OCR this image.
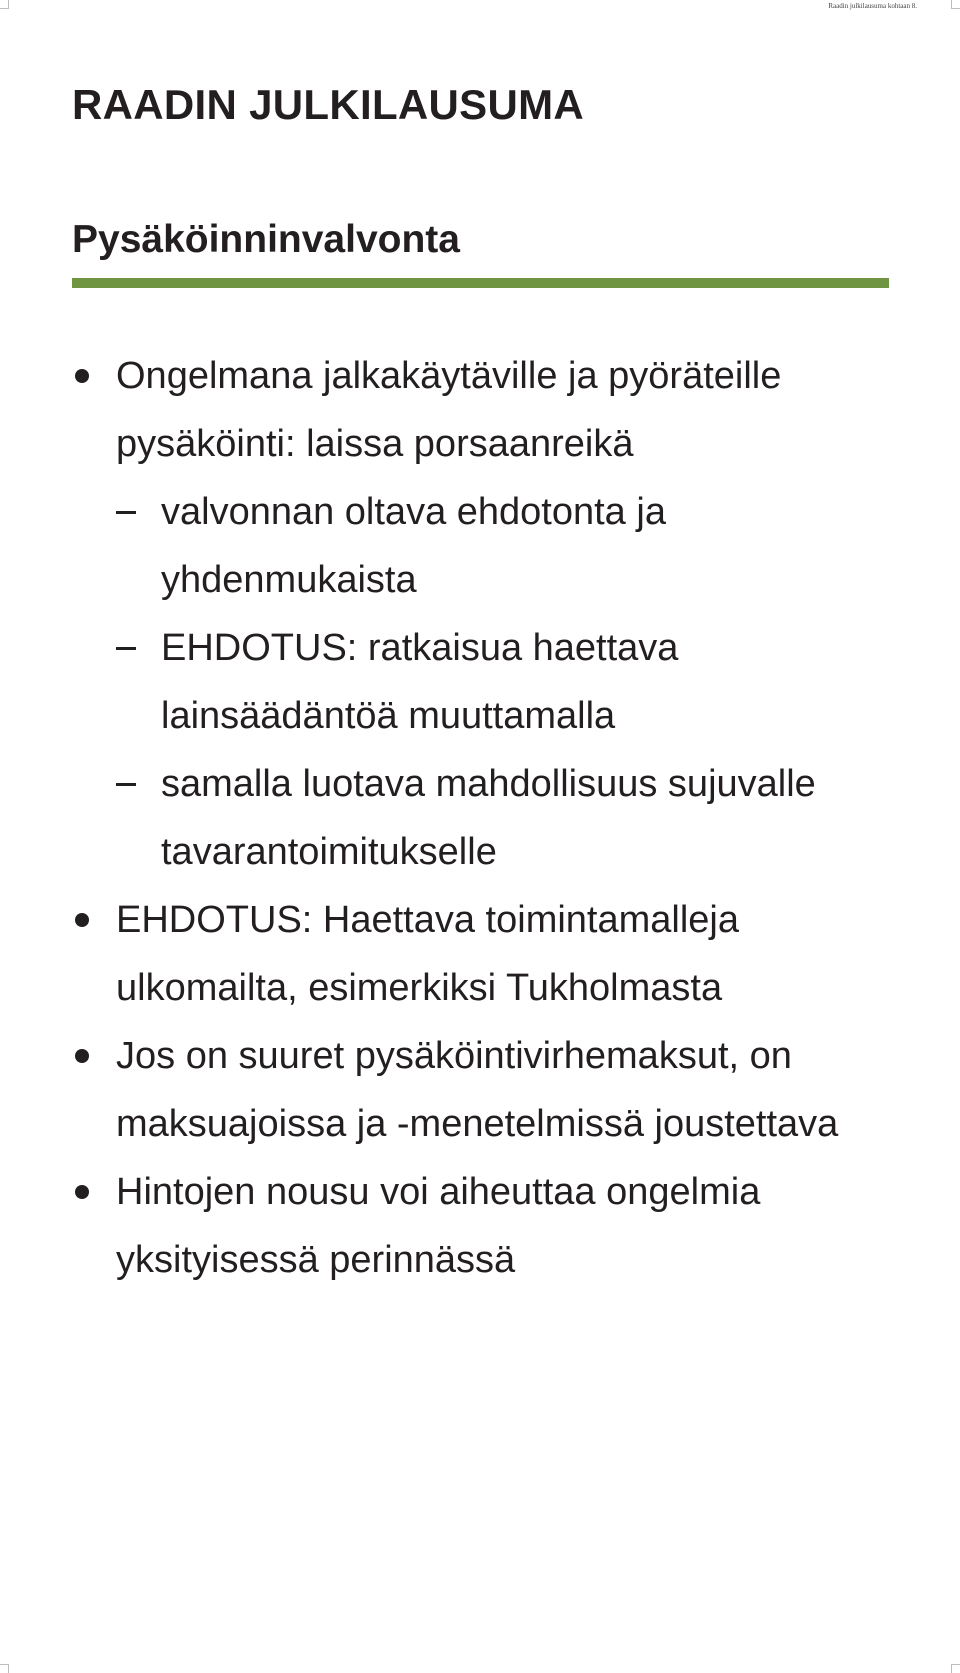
Raadin julkilausuma kohtaan 8.
RAADIN JULKILAUSUMA
Pysäköinninvalvonta
Ongelmana jalkakäytäville ja pyöräteille pysäköinti: laissa porsaanreikä
valvonnan oltava ehdotonta ja yhdenmukaista
EHDOTUS: ratkaisua haettava lainsäädäntöä muuttamalla
samalla luotava mahdollisuus sujuvalle tavarantoimitukselle
EHDOTUS: Haettava toimintamalleja ulkomailta, esimerkiksi Tukholmasta
Jos on suuret pysäköintivirhemaksut, on maksuajoissa ja -menetelmissä joustettava
Hintojen nousu voi aiheuttaa ongelmia yksityisessä perinnässä
